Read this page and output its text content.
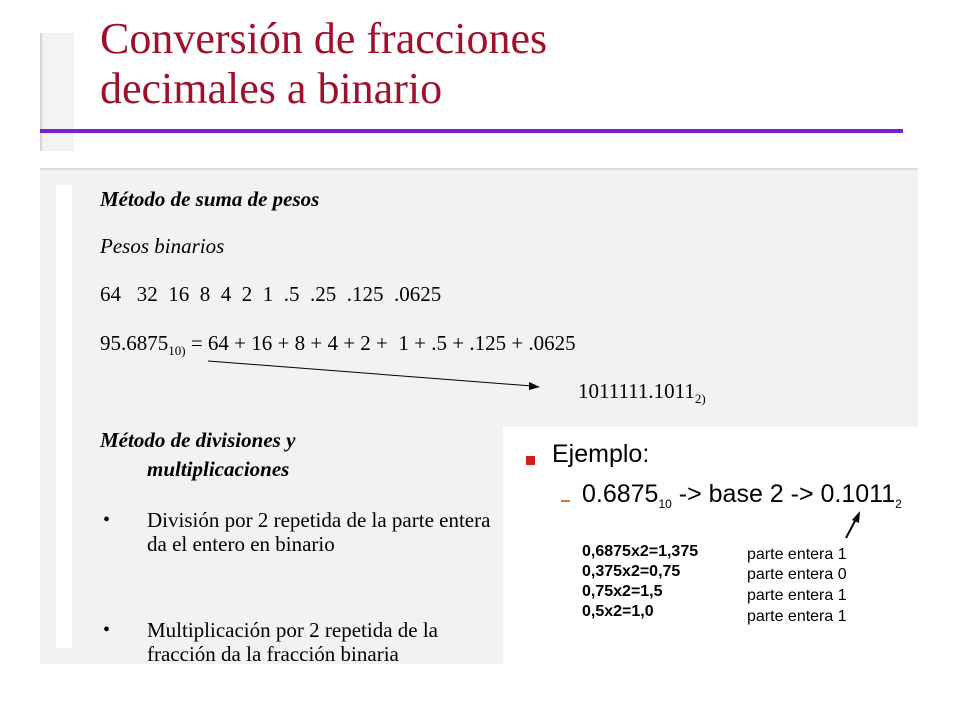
Conversión de fracciones
decimales a binario
Método de suma de pesos
Pesos binarios
64   32  16  8  4  2  1  .5  .25  .125  .0625
$95.6875_{10)} = 64 + 16 + 8 + 4 + 2 + 1 + .5 + .125 + .0625$
$1011111.1011_{2)}$
Método de divisiones y
multiplicaciones
• División por 2 repetida de la parte entera da el entero en binario
• Multiplicación por 2 repetida de la fracción da la fracción binaria
Ejemplo:
$0.6875_{10}$ -> base $2 -> 0.1011_2$
0,6875x2=1,375	parte entera 1
0,375x2=0,75	parte entera 0
0,75x2=1,5	parte entera 1
0,5x2=1,0	parte entera 1
